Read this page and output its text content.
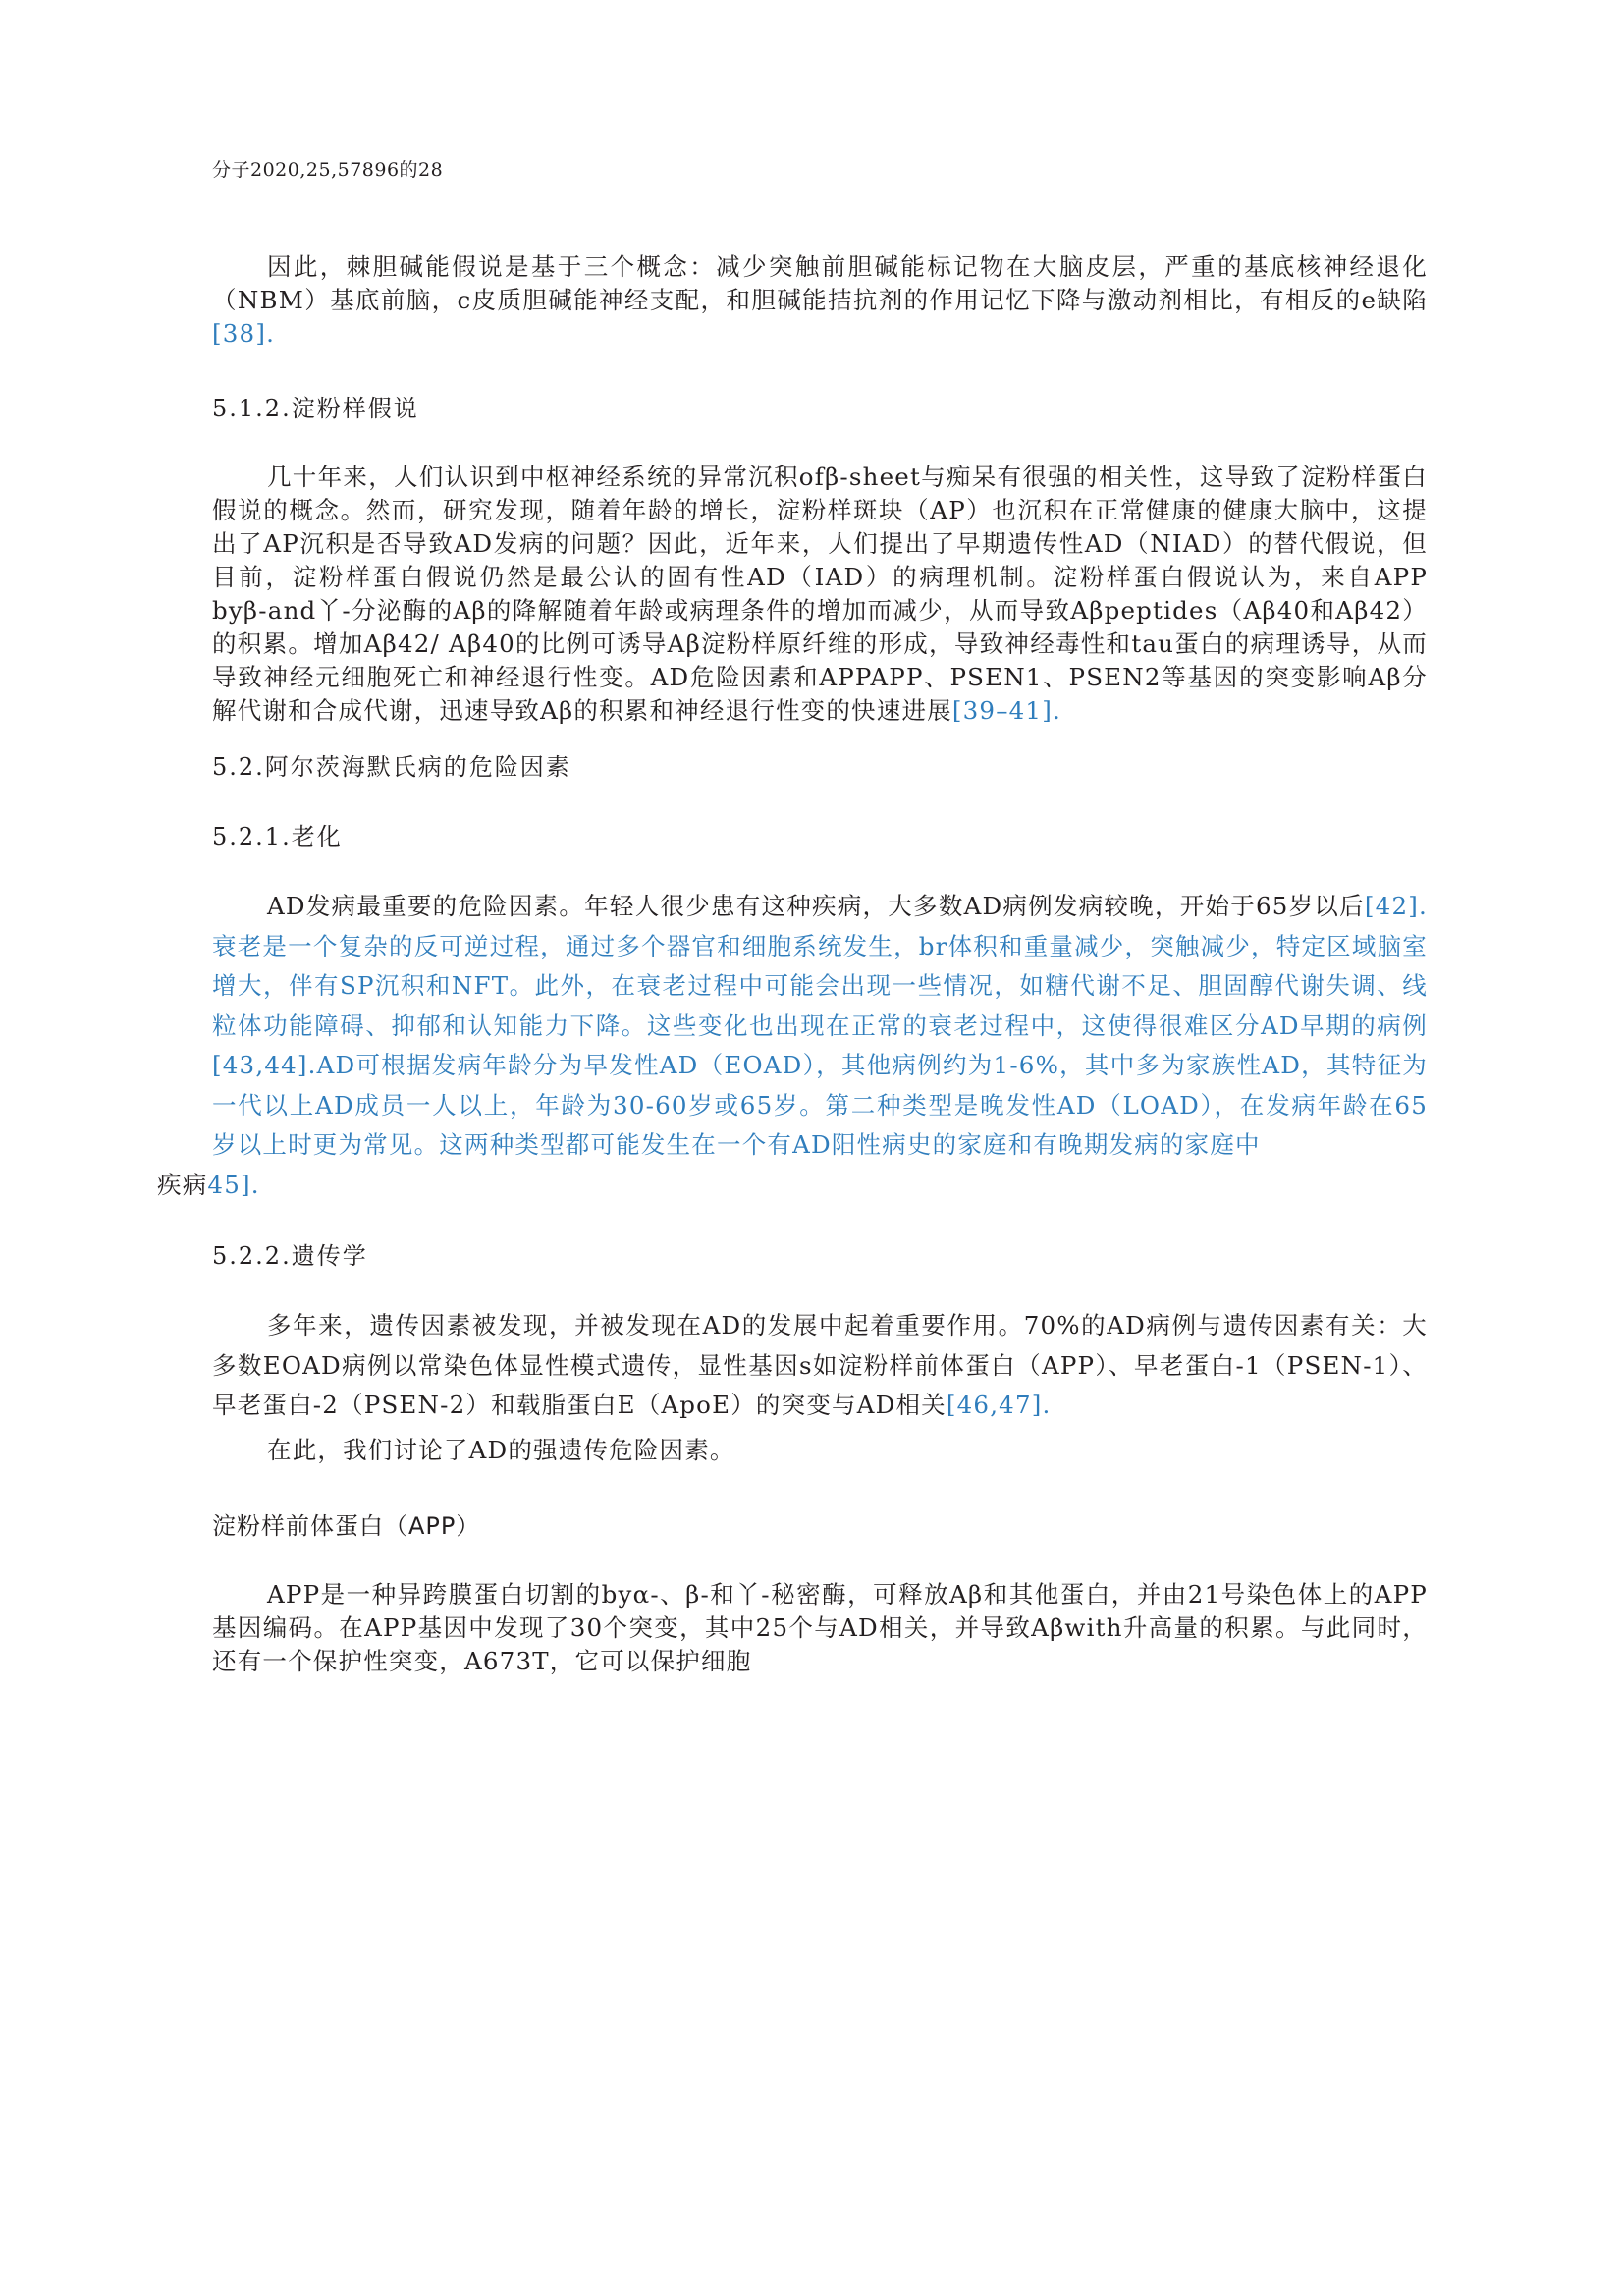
分子2020,25,57896的28

因此，棘胆碱能假说是基于三个概念：减少突触前胆碱能标记物在大脑皮层，严重的基底核神经退化（NBM）基底前脑，c皮质胆碱能神经支配，和胆碱能拮抗剂的作用记忆下降与激动剂相比，有相反的e缺陷[38].

5.1.2.淀粉样假说

几十年来，人们认识到中枢神经系统的异常沉积ofβ-sheet与痴呆有很强的相关性，这导致了淀粉样蛋白假说的概念。然而，研究发现，随着年龄的增长，淀粉样斑块（AP）也沉积在正常健康的健康大脑中，这提出了AP沉积是否导致AD发病的问题？因此，近年来，人们提出了早期遗传性AD（NIAD）的替代假说，但目前，淀粉样蛋白假说仍然是最公认的固有性AD（IAD）的病理机制。淀粉样蛋白假说认为，来自APP byβ-and丫-分泌酶的Aβ的降解随着年龄或病理条件的增加而减少，从而导致Aβpeptides（Aβ40和Aβ42）的积累。增加Aβ42/ Aβ40的比例可诱导Aβ淀粉样原纤维的形成，导致神经毒性和tau蛋白的病理诱导，从而导致神经元细胞死亡和神经退行性变。AD危险因素和APPAPP、PSEN1、PSEN2等基因的突变影响Aβ分解代谢和合成代谢，迅速导致Aβ的积累和神经退行性变的快速进展[39–41].

5.2.阿尔茨海默氏病的危险因素

5.2.1.老化

AD发病最重要的危险因素。年轻人很少患有这种疾病，大多数AD病例发病较晚，开始于65岁以后[42].衰老是一个复杂的反可逆过程，通过多个器官和细胞系统发生，br体积和重量减少，突触减少，特定区域脑室增大，伴有SP沉积和NFT。此外，在衰老过程中可能会出现一些情况，如糖代谢不足、胆固醇代谢失调、线粒体功能障碍、抑郁和认知能力下降。这些变化也出现在正常的衰老过程中，这使得很难区分AD早期的病例[43,44].AD可根据发病年龄分为早发性AD（EOAD），其他病例约为1-6%，其中多为家族性AD，其特征为一代以上AD成员一人以上，年龄为30-60岁或65岁。第二种类型是晚发性AD（LOAD），在发病年龄在65岁以上时更为常见。这两种类型都可能发生在一个有AD阳性病史的家庭和有晚期发病的家庭中
疾病45].

5.2.2.遗传学

多年来，遗传因素被发现，并被发现在AD的发展中起着重要作用。70%的AD病例与遗传因素有关：大多数EOAD病例以常染色体显性模式遗传，显性基因s如淀粉样前体蛋白（APP）、早老蛋白-1（PSEN-1）、早老蛋白-2（PSEN-2）和载脂蛋白E（ApoE）的突变与AD相关[46,47].

在此，我们讨论了AD的强遗传危险因素。

淀粉样前体蛋白（APP）

APP是一种异跨膜蛋白切割的byα-、β-和丫-秘密酶，可释放Aβ和其他蛋白，并由21号染色体上的APP基因编码。在APP基因中发现了30个突变，其中25个与AD相关，并导致Aβwith升高量的积累。与此同时，还有一个保护性突变，A673T，它可以保护细胞
